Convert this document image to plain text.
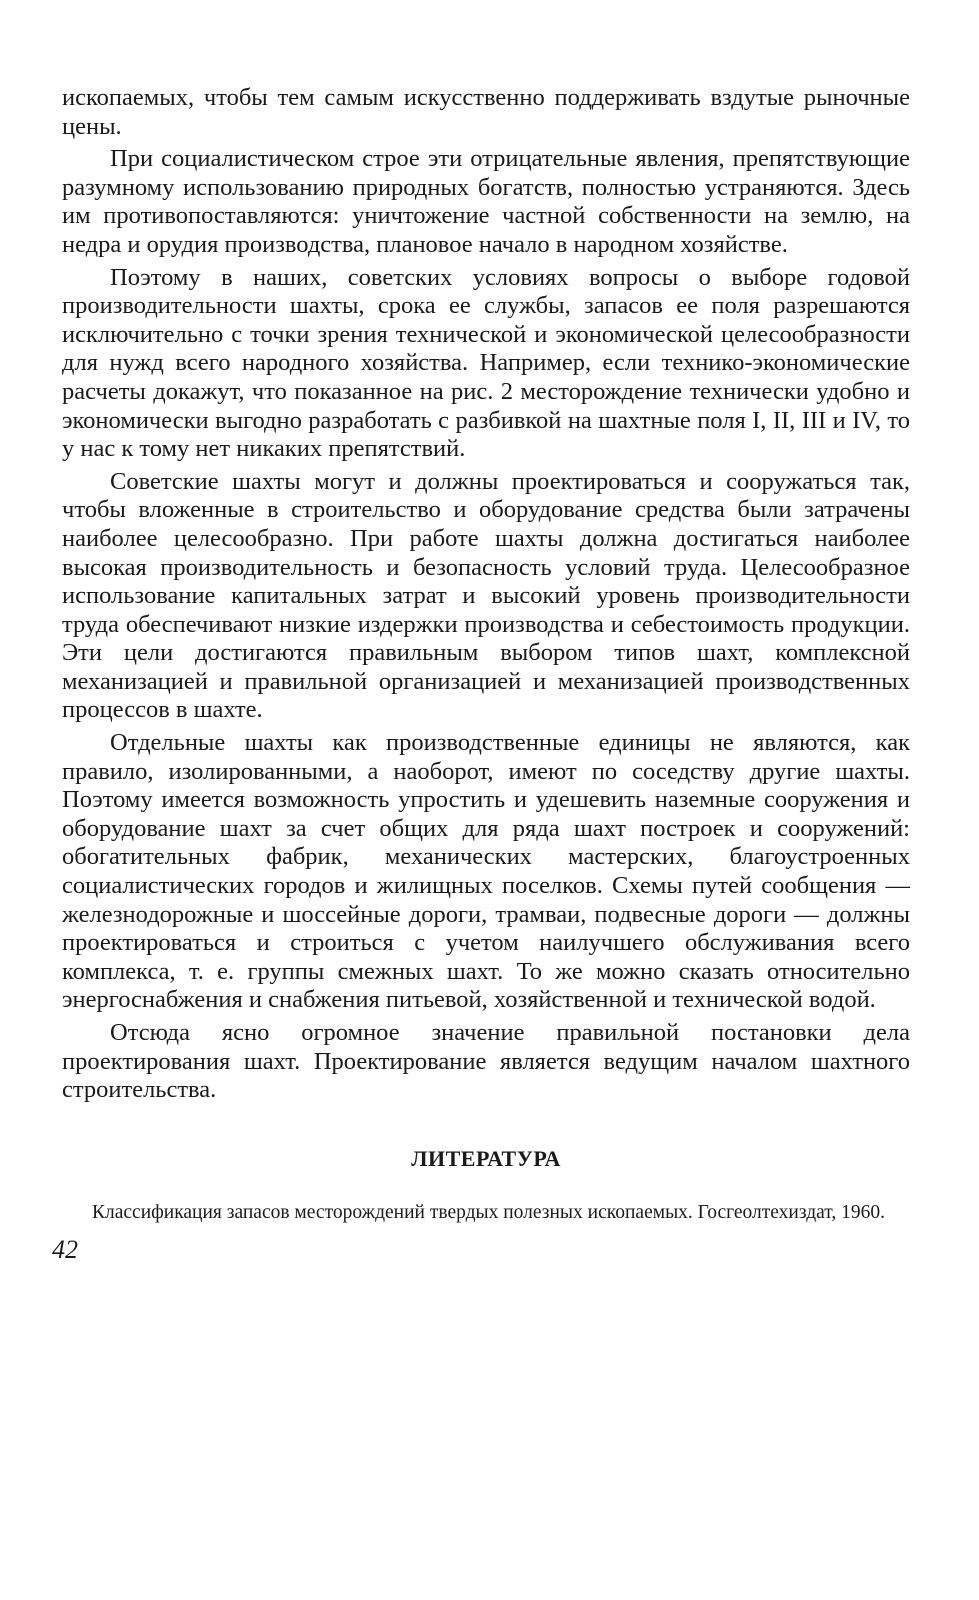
ископаемых, чтобы тем самым искусственно поддерживать вздутые рыночные цены.

При социалистическом строе эти отрицательные явления, препятствующие разумному использованию природных богатств, полностью устраняются. Здесь им противопоставляются: уничтожение частной собственности на землю, на недра и орудия производства, плановое начало в народном хозяйстве.

Поэтому в наших, советских условиях вопросы о выборе годовой производительности шахты, срока ее службы, запасов ее поля разрешаются исключительно с точки зрения технической и экономической целесообразности для нужд всего народного хозяйства. Например, если технико-экономические расчеты докажут, что показанное на рис. 2 месторождение технически удобно и экономически выгодно разработать с разбивкой на шахтные поля I, II, III и IV, то у нас к тому нет никаких препятствий.

Советские шахты могут и должны проектироваться и сооружаться так, чтобы вложенные в строительство и оборудование средства были затрачены наиболее целесообразно. При работе шахты должна достигаться наиболее высокая производительность и безопасность условий труда. Целесообразное использование капитальных затрат и высокий уровень производительности труда обеспечивают низкие издержки производства и себестоимость продукции. Эти цели достигаются правильным выбором типов шахт, комплексной механизацией и правильной организацией и механизацией производственных процессов в шахте.

Отдельные шахты как производственные единицы не являются, как правило, изолированными, а наоборот, имеют по соседству другие шахты. Поэтому имеется возможность упростить и удешевить наземные сооружения и оборудование шахт за счет общих для ряда шахт построек и сооружений: обогатительных фабрик, механических мастерских, благоустроенных социалистических городов и жилищных поселков. Схемы путей сообщения — железнодорожные и шоссейные дороги, трамваи, подвесные дороги — должны проектироваться и строиться с учетом наилучшего обслуживания всего комплекса, т. е. группы смежных шахт. То же можно сказать относительно энергоснабжения и снабжения питьевой, хозяйственной и технической водой.

Отсюда ясно огромное значение правильной постановки дела проектирования шахт. Проектирование является ведущим началом шахтного строительства.

ЛИТЕРАТУРА

Классификация запасов месторождений твердых полезных ископаемых. Госгеолтехиздат, 1960.

42
